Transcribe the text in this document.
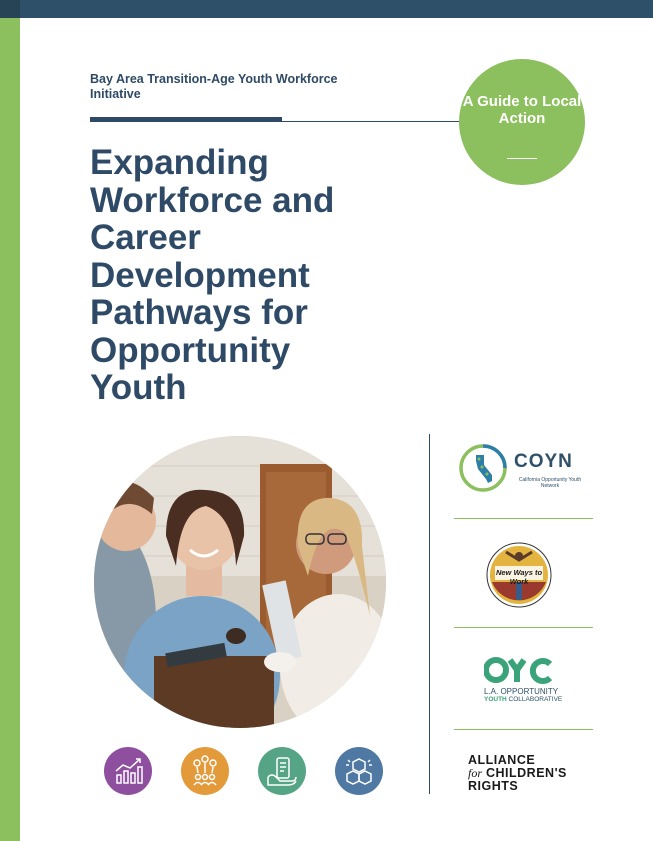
Bay Area Transition-Age Youth Workforce Initiative	A Guide to Local Action
Expanding Workforce and Career Development Pathways for Opportunity Youth
COYN
California Opportunity Youth Network
New Ways to Work
L.A. OPPORTUNITY
YOUTH COLLABORATIVE
ALLIANCE
for CHILDREN'S
RIGHTS
